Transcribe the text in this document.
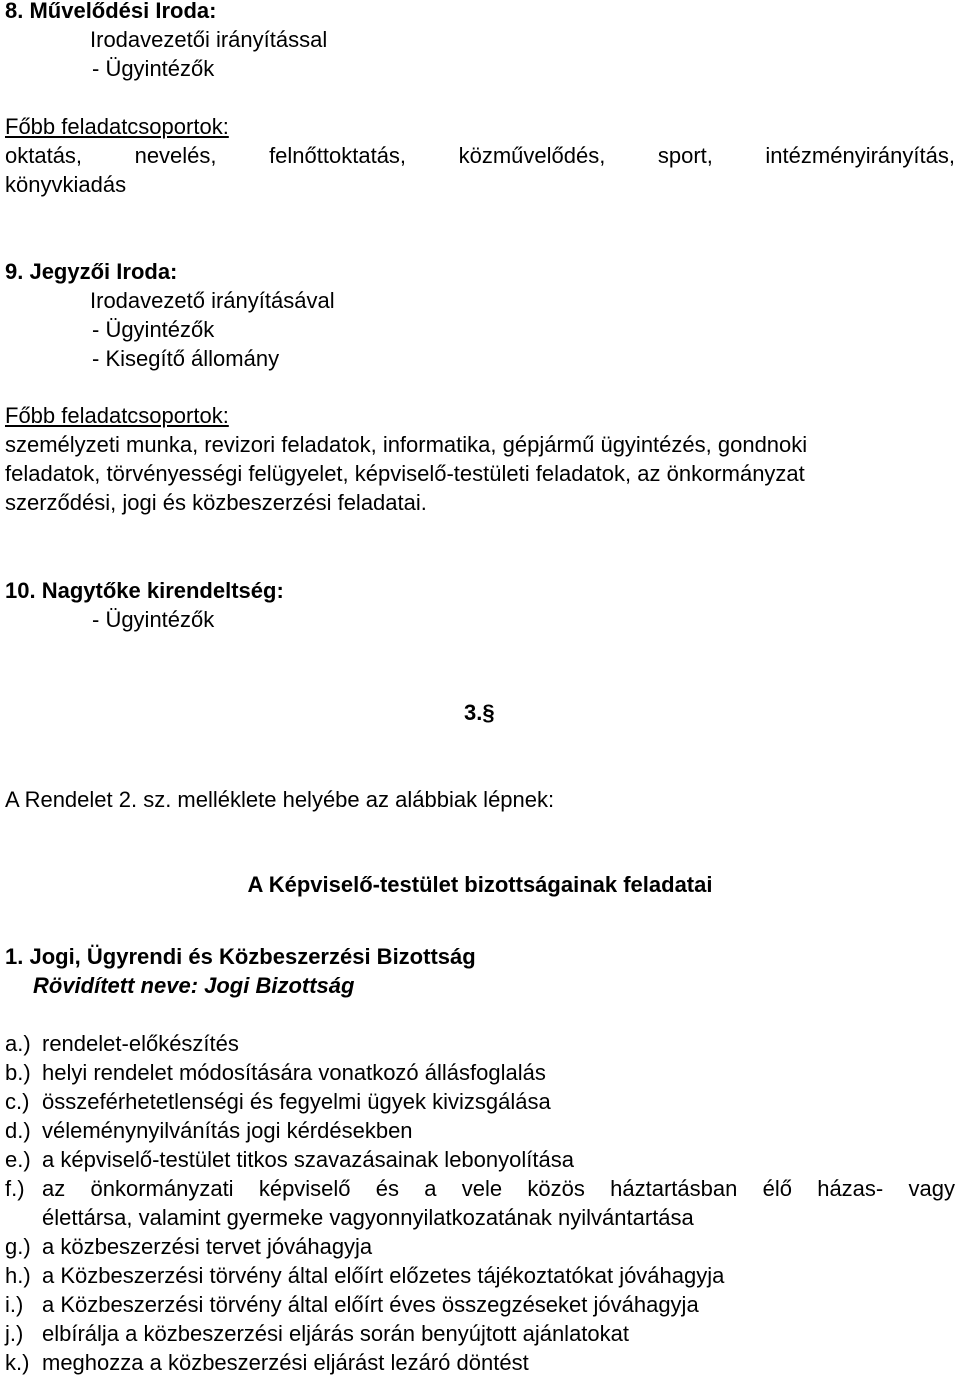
8. Művelődési Iroda:
Irodavezetői irányítással
- Ügyintézők
Főbb feladatcsoportok:
oktatás, nevelés, felnőttoktatás, közművelődés, sport, intézményirányítás,
könyvkiadás
9. Jegyzői Iroda:
Irodavezető irányításával
- Ügyintézők
- Kisegítő állomány
Főbb feladatcsoportok:
személyzeti munka, revizori feladatok, informatika, gépjármű ügyintézés, gondnoki
feladatok, törvényességi felügyelet, képviselő-testületi feladatok, az önkormányzat
szerződési, jogi és közbeszerzési feladatai.
10. Nagytőke kirendeltség:
- Ügyintézők
3.§
A Rendelet 2. sz. melléklete helyébe az alábbiak lépnek:
A Képviselő-testület bizottságainak feladatai
1. Jogi, Ügyrendi és Közbeszerzési Bizottság
Rövidített neve: Jogi Bizottság
a.) rendelet-előkészítés
b.) helyi rendelet módosítására vonatkozó állásfoglalás
c.) összeférhetetlenségi és fegyelmi ügyek kivizsgálása
d.) véleménynyilvánítás jogi kérdésekben
e.) a képviselő-testület titkos szavazásainak lebonyolítása
f.) az önkormányzati képviselő és a vele közös háztartásban élő házas- vagy
élettársa, valamint gyermeke vagyonnyilatkozatának nyilvántartása
g.) a közbeszerzési tervet jóváhagyja
h.) a Közbeszerzési törvény által előírt előzetes tájékoztatókat jóváhagyja
i.) a Közbeszerzési törvény által előírt éves összegzéseket jóváhagyja
j.) elbírálja a közbeszerzési eljárás során benyújtott ajánlatokat
k.) meghozza a közbeszerzési eljárást lezáró döntést
